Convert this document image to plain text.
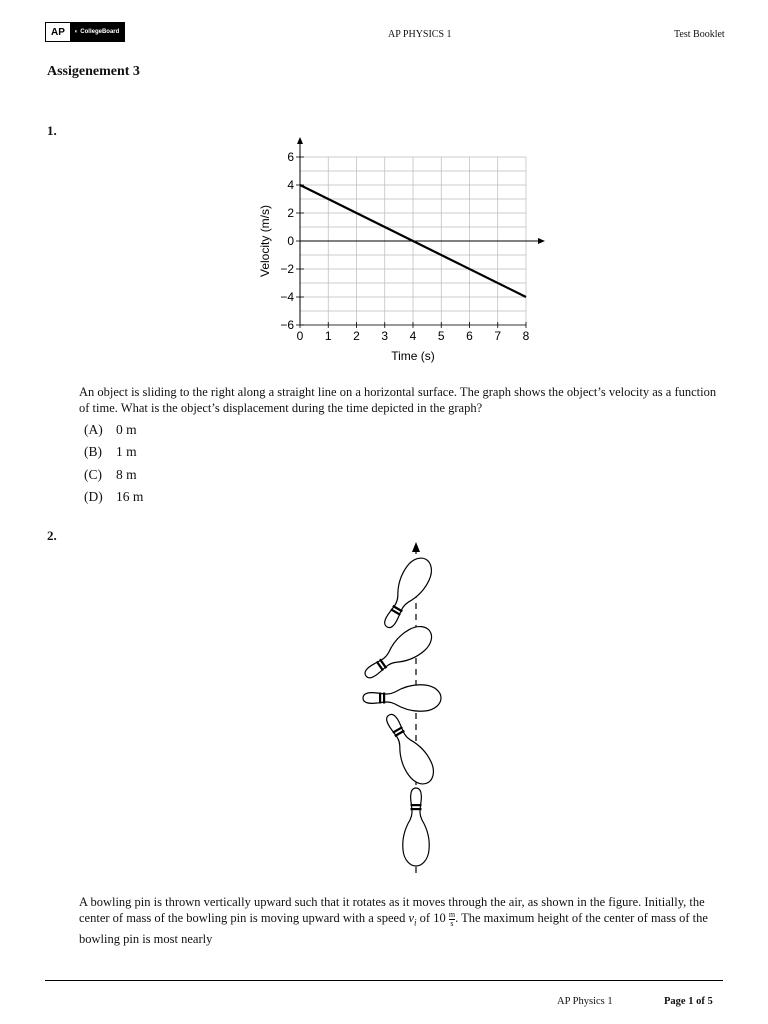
AP	◐ CollegeBoard	AP PHYSICS 1	Test Booklet
Assigenement 3
1.
0 1 2 3 4 5 6 7 8
6
4
2
0
−2
−4
−6
Time (s)
Velocity (m/s)
An object is sliding to the right along a straight line on a horizontal surface. The graph shows the object’s velocity as a function of time. What is the object’s displacement during the time depicted in the graph?
(A) 0 m
(B) 1 m
(C) 8 m
(D) 16 m
2.
A bowling pin is thrown vertically upward such that it rotates as it moves through the air, as shown in the figure. Initially, the center of mass of the bowling pin is moving upward with a speed $v_i$ of $10 \frac{m}{s}$ . The maximum height of the center of mass of the bowling pin is most nearly
AP Physics 1	Page 1 of 5
